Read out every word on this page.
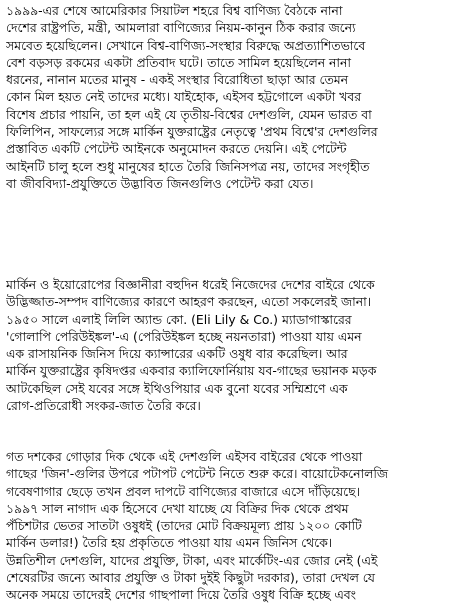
১৯৯৯-এর শেষে আমেরিকার সিয়াটল শহরে বিশ্ব বাণিজ্য বৈঠকে নানা
দেশের রাষ্ট্রপতি, মন্ত্রী, আমলারা বাণিজ্যের নিয়ম-কানুন ঠিক করার জন্যে
সমবেত হয়েছিলেন। সেখানে বিশ্ব-বাণিজ্য-সংস্থার বিরুদ্ধে অপ্রত্যাশিতভাবে
বেশ বড়সড় রকমের একটা প্রতিবাদ ঘটে। তাতে সামিল হয়েছিলেন নানা
ধরনের, নানান মতের মানুষ - একই সংস্থার বিরোধিতা ছাড়া আর তেমন
কোন মিল হয়ত নেই তাদের মধ্যে। যাইহোক, এইসব হট্টগোলে একটা খবর
বিশেষ প্রচার পায়নি, তা হল এই যে তৃতীয়-বিশ্বের দেশগুলি, যেমন ভারত বা
ফিলিপিন, সাফল্যের সঙ্গে মার্কিন যুক্তরাষ্ট্রের নেতৃত্বে 'প্রথম বিশ্বে'র দেশগুলির
প্রস্তাবিত একটি পেটেন্ট আইনকে অনুমোদন করতে দেয়নি। এই পেটেন্ট
আইনটি চালু হলে শুধু মানুষের হাতে তৈরি জিনিসপত্র নয়, তাদের সংগৃহীত
বা জীববিদ্যা-প্রযুক্তিতে উদ্ভাবিত জিনগুলিও পেটেন্ট করা যেত।

মার্কিন ও ইয়োরোপের বিজ্ঞানীরা বহুদিন ধরেই নিজেদের দেশের বাইরে থেকে
উদ্ভিজ্জাত-সম্পদ বাণিজ্যের কারণে আহরণ করছেন, এতো সকলেরই জানা।
১৯৫০ সালে এলাই লিলি অ্যান্ড কো. (Eli Lily & Co.) ম্যাডাগাস্কারের
'গোলাপি পেরিউইঙ্কল'-এ (পেরিউইঙ্কল হচ্ছে নয়নতারা) পাওয়া যায় এমন
এক রাসায়নিক জিনিস দিয়ে ক্যান্সারের একটি ওষুধ বার করেছিল। আর
মার্কিন যুক্তরাষ্ট্রের কৃষিদপ্তর একবার ক্যালিফোর্নিয়ায় যব-গাছের ভয়ানক মড়ক
আটকেছিল সেই যবের সঙ্গে ইথিওপিয়ার এক বুনো যবের সম্মিশ্রণে এক
রোগ-প্রতিরোধী সংকর-জাত তৈরি করে।

গত দশকের গোড়ার দিক থেকে এই দেশগুলি এইসব বাইরের থেকে পাওয়া
গাছের 'জিন'-গুলির উপরে পটাপট পেটেন্ট নিতে শুরু করে। বায়োটেকনোলজি
গবেষণাগার ছেড়ে তখন প্রবল দাপটে বাণিজ্যের বাজারে এসে দাঁড়িয়েছে।
১৯৯৭ সাল নাগাদ এক হিসেবে দেখা যাচ্ছে যে বিক্রির দিক থেকে প্রথম
পঁচিশটার ভেতর সাতটা ওষুধই (তাদের মোট বিক্রয়মূল্য প্রায় ১২০০ কোটি
মার্কিন ডলার!) তৈরি হয় প্রকৃতিতে পাওয়া যায় এমন জিনিস থেকে।
উন্নতিশীল দেশগুলি, যাদের প্রযুক্তি, টাকা, এবং মার্কেটিং-এর জোর নেই (এই
শেষেরটির জন্যে আবার প্রযুক্তি ও টাকা দুইই কিছুটা দরকার), তারা দেখল যে
অনেক সময়ে তাদেরই দেশের গাছপালা দিয়ে তৈরি ওষুধ বিক্রি হচ্ছে এবং
